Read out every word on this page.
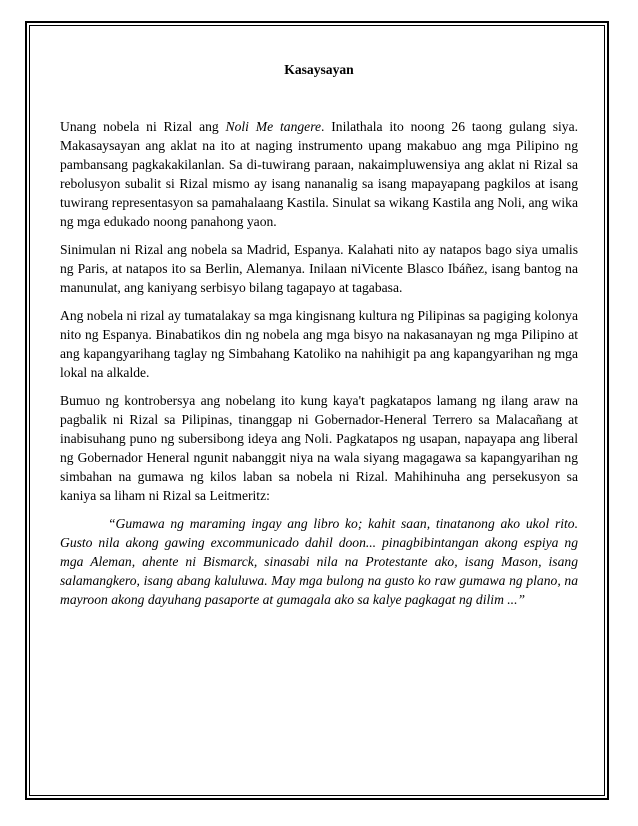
Kasaysayan

Unang nobela ni Rizal ang Noli Me tangere. Inilathala ito noong 26 taong gulang siya. Makasaysayan ang aklat na ito at naging instrumento upang makabuo ang mga Pilipino ng pambansang pagkakakilanlan. Sa di-tuwirang paraan, nakaimpluwensiya ang aklat ni Rizal sa rebolusyon subalit si Rizal mismo ay isang nananalig sa isang mapayapang pagkilos at isang tuwirang representasyon sa pamahalaang Kastila. Sinulat sa wikang Kastila ang Noli, ang wika ng mga edukado noong panahong yaon.

Sinimulan ni Rizal ang nobela sa Madrid, Espanya. Kalahati nito ay natapos bago siya umalis ng Paris, at natapos ito sa Berlin, Alemanya. Inilaan niVicente Blasco Ibáñez, isang bantog na manunulat, ang kaniyang serbisyo bilang tagapayo at tagabasa.

Ang nobela ni rizal ay tumatalakay sa mga kingisnang kultura ng Pilipinas sa pagiging kolonya nito ng Espanya. Binabatikos din ng nobela ang mga bisyo na nakasanayan ng mga Pilipino at ang kapangyarihang taglay ng Simbahang Katoliko na nahihigit pa ang kapangyarihan ng mga lokal na alkalde.

Bumuo ng kontrobersya ang nobelang ito kung kaya't pagkatapos lamang ng ilang araw na pagbalik ni Rizal sa Pilipinas, tinanggap ni Gobernador-Heneral Terrero sa Malacañang at inabisuhang puno ng subersibong ideya ang Noli. Pagkatapos ng usapan, napayapa ang liberal ng Gobernador Heneral ngunit nabanggit niya na wala siyang magagawa sa kapangyarihan ng simbahan na gumawa ng kilos laban sa nobela ni Rizal. Mahihinuha ang persekusyon sa kaniya sa liham ni Rizal sa Leitmeritz:

“Gumawa ng maraming ingay ang libro ko; kahit saan, tinatanong ako ukol rito. Gusto nila akong gawing excommunicado dahil doon... pinagbibintangan akong espiya ng mga Aleman, ahente ni Bismarck, sinasabi nila na Protestante ako, isang Mason, isang salamangkero, isang abang kaluluwa. May mga bulong na gusto ko raw gumawa ng plano, na mayroon akong dayuhang pasaporte at gumagala ako sa kalye pagkagat ng dilim ...”
